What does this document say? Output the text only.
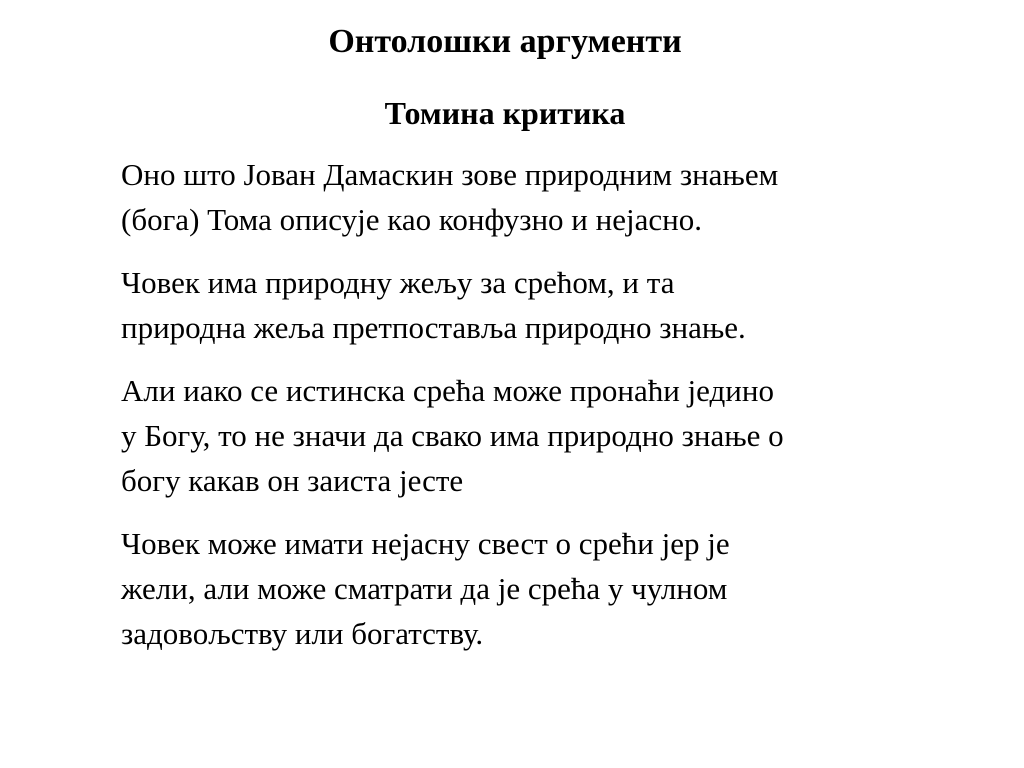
Онтолошки аргументи
Томина критика

Оно што Јован Дамаскин зове природним знањем
(бога) Тома описује као конфузно и нејасно.

Човек има природну жељу за срећом, и та
природна жеља претпоставља природно знање.

Али иако се истинска срећа може пронаћи једино
у Богу, то не значи да свако има природно знање о
богу какав он заиста јесте

Човек може имати нејасну свест о срећи јер је
жели, али може сматрати да је срећа у чулном
задовољству или богатству.
